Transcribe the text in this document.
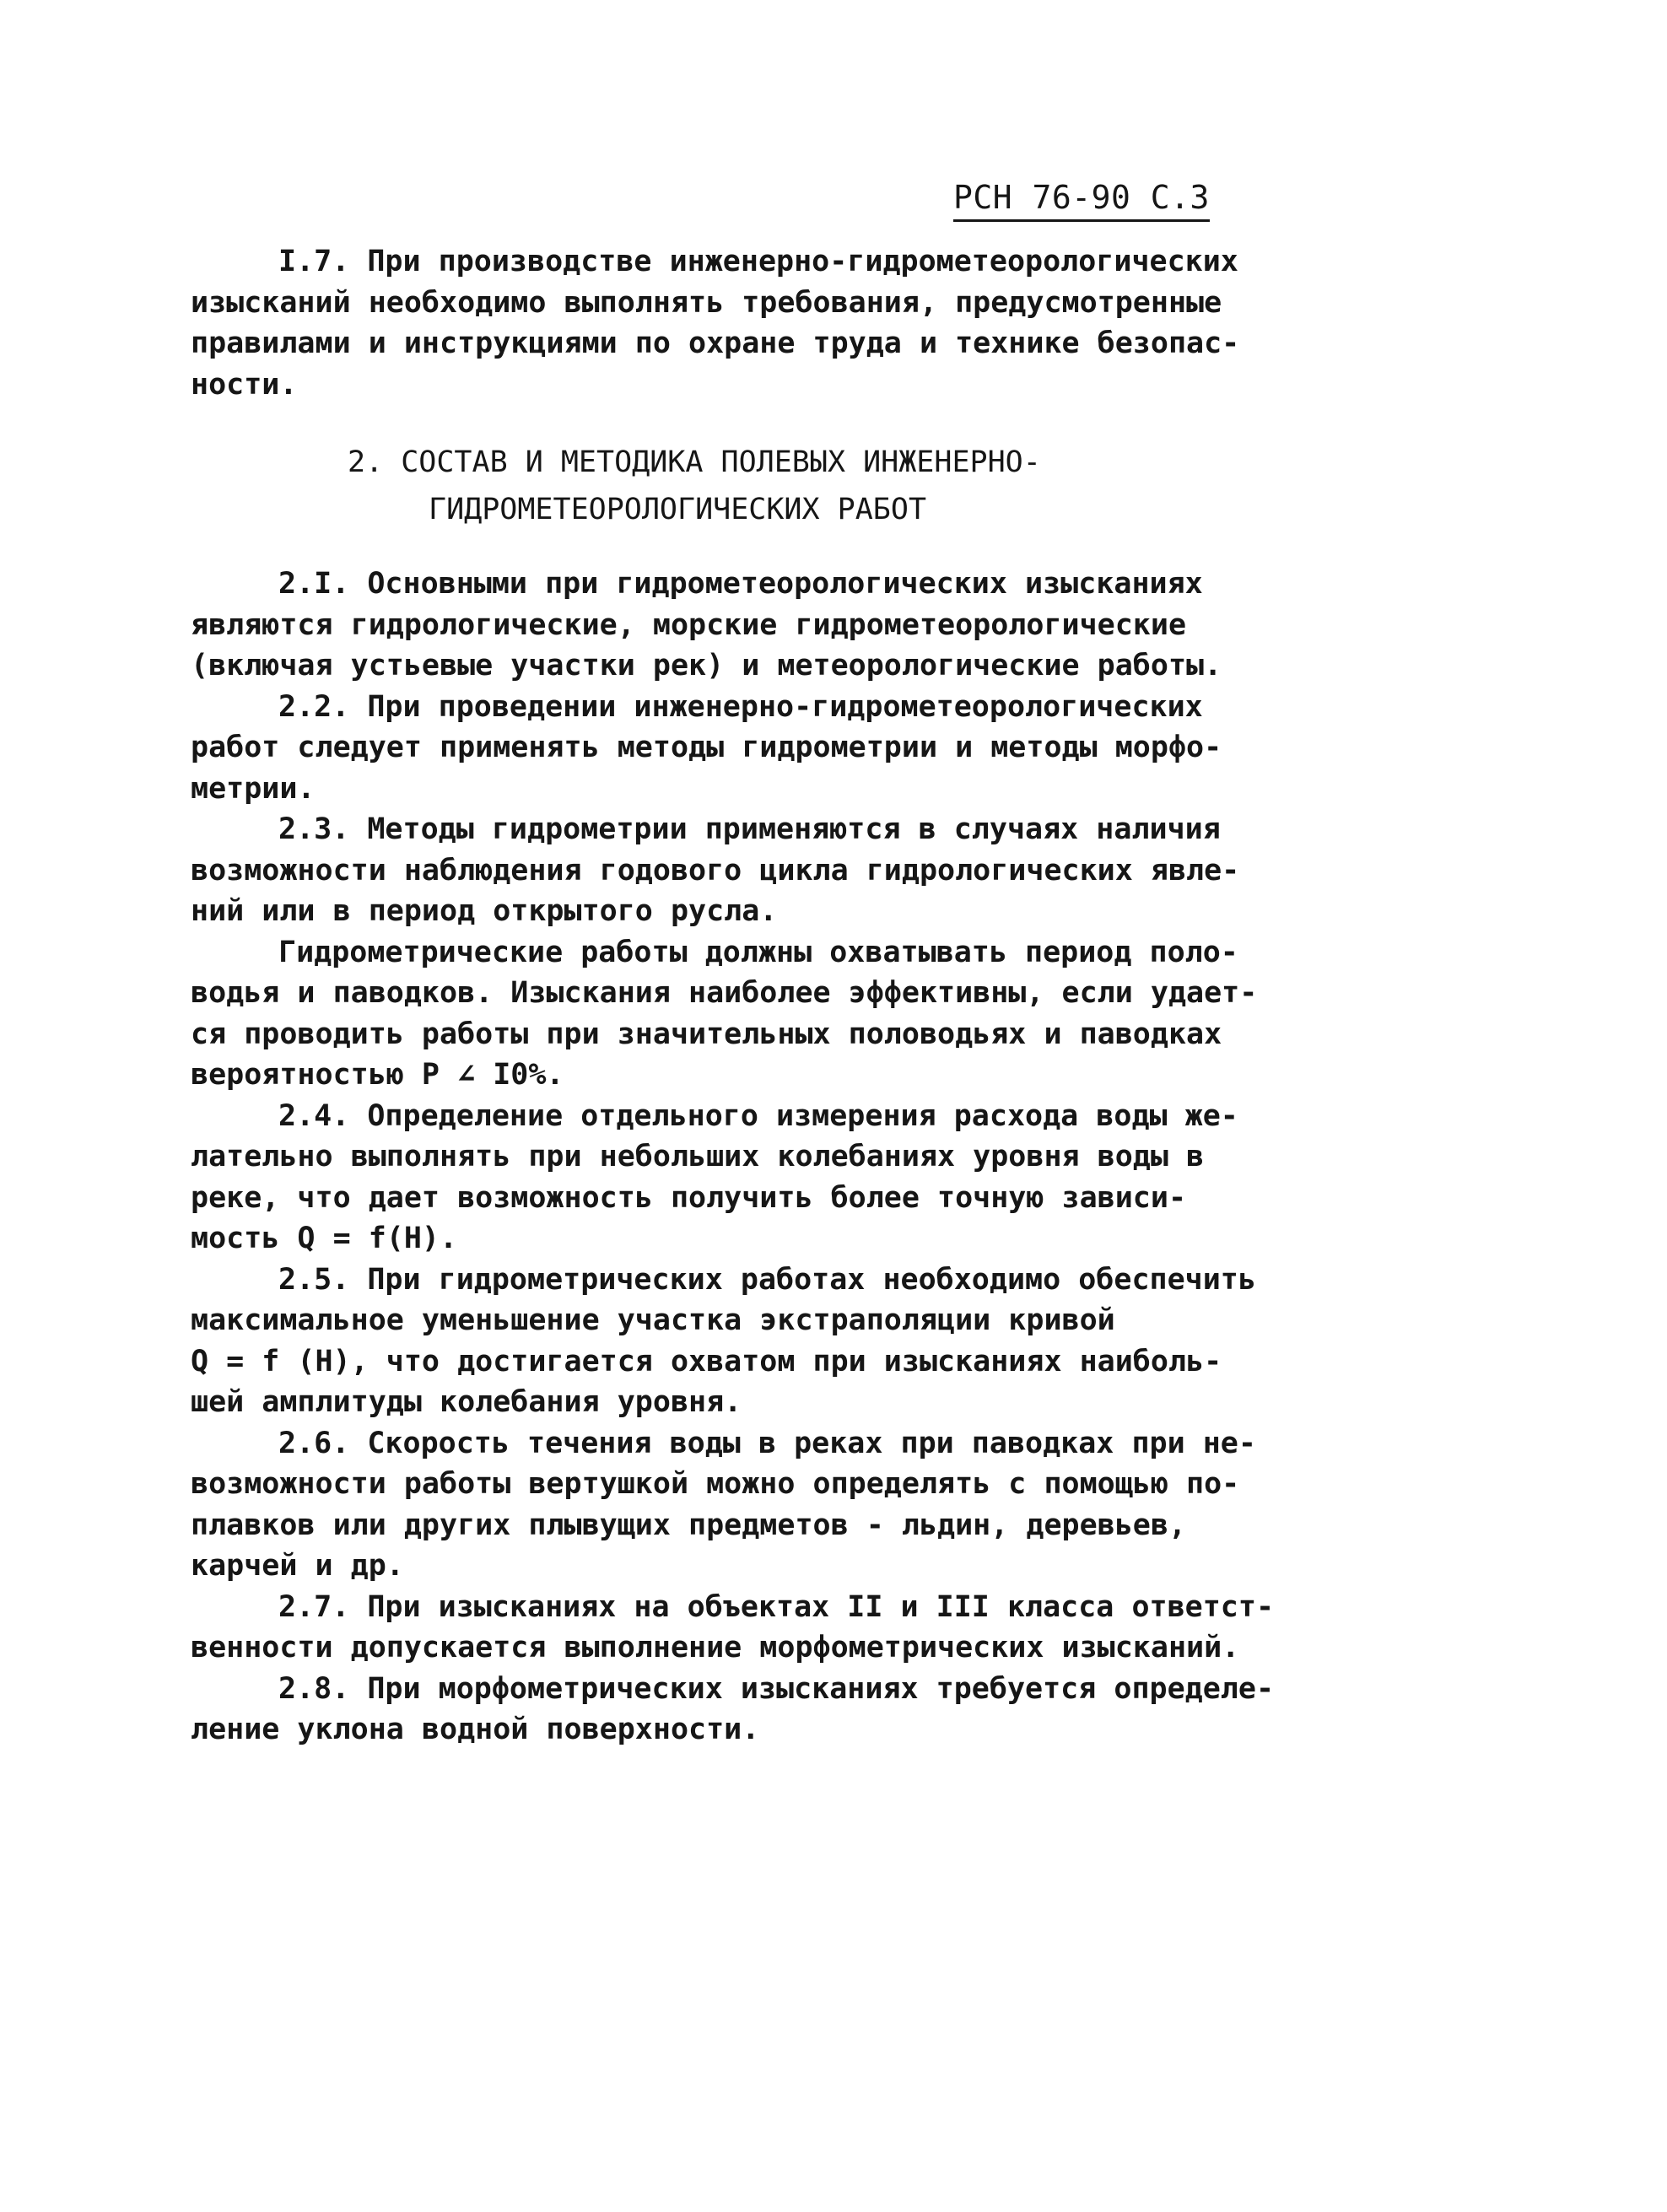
РСН 76-90 С.3
I.7. При производстве инженерно-гидрометеорологических
изысканий необходимо выполнять требования, предусмотренные
правилами и инструкциями по охране труда и технике безопас-
ности.
2. СОСТАВ И МЕТОДИКА ПОЛЕВЫХ ИНЖЕНЕРНО-
ГИДРОМЕТЕОРОЛОГИЧЕСКИХ РАБОТ
2.I. Основными при гидрометеорологических изысканиях
являются гидрологические, морские гидрометеорологические
(включая устьевые участки рек) и метеорологические работы.
2.2. При проведении инженерно-гидрометеорологических
работ следует применять методы гидрометрии и методы морфо-
метрии.
2.3. Методы гидрометрии применяются в случаях наличия
возможности наблюдения годового цикла гидрологических явле-
ний или в период открытого русла.
Гидрометрические работы должны охватывать период поло-
водья и паводков. Изыскания наиболее эффективны, если удает-
ся проводить работы при значительных половодьях и паводках
вероятностью Р ∠ I0%.
2.4. Определение отдельного измерения расхода воды же-
лательно выполнять при небольших колебаниях уровня воды в
реке, что дает возможность получить более точную зависи-
мость Q = f(H).
2.5. При гидрометрических работах необходимо обеспечить
максимальное уменьшение участка экстраполяции кривой
Q = f (H), что достигается охватом при изысканиях наиболь-
шей амплитуды колебания уровня.
2.6. Скорость течения воды в реках при паводках при не-
возможности работы вертушкой можно определять с помощью по-
плавков или других плывущих предметов - льдин, деревьев,
карчей и др.
2.7. При изысканиях на объектах II и III класса ответст-
венности допускается выполнение морфометрических изысканий.
2.8. При морфометрических изысканиях требуется определе-
ление уклона водной поверхности.
